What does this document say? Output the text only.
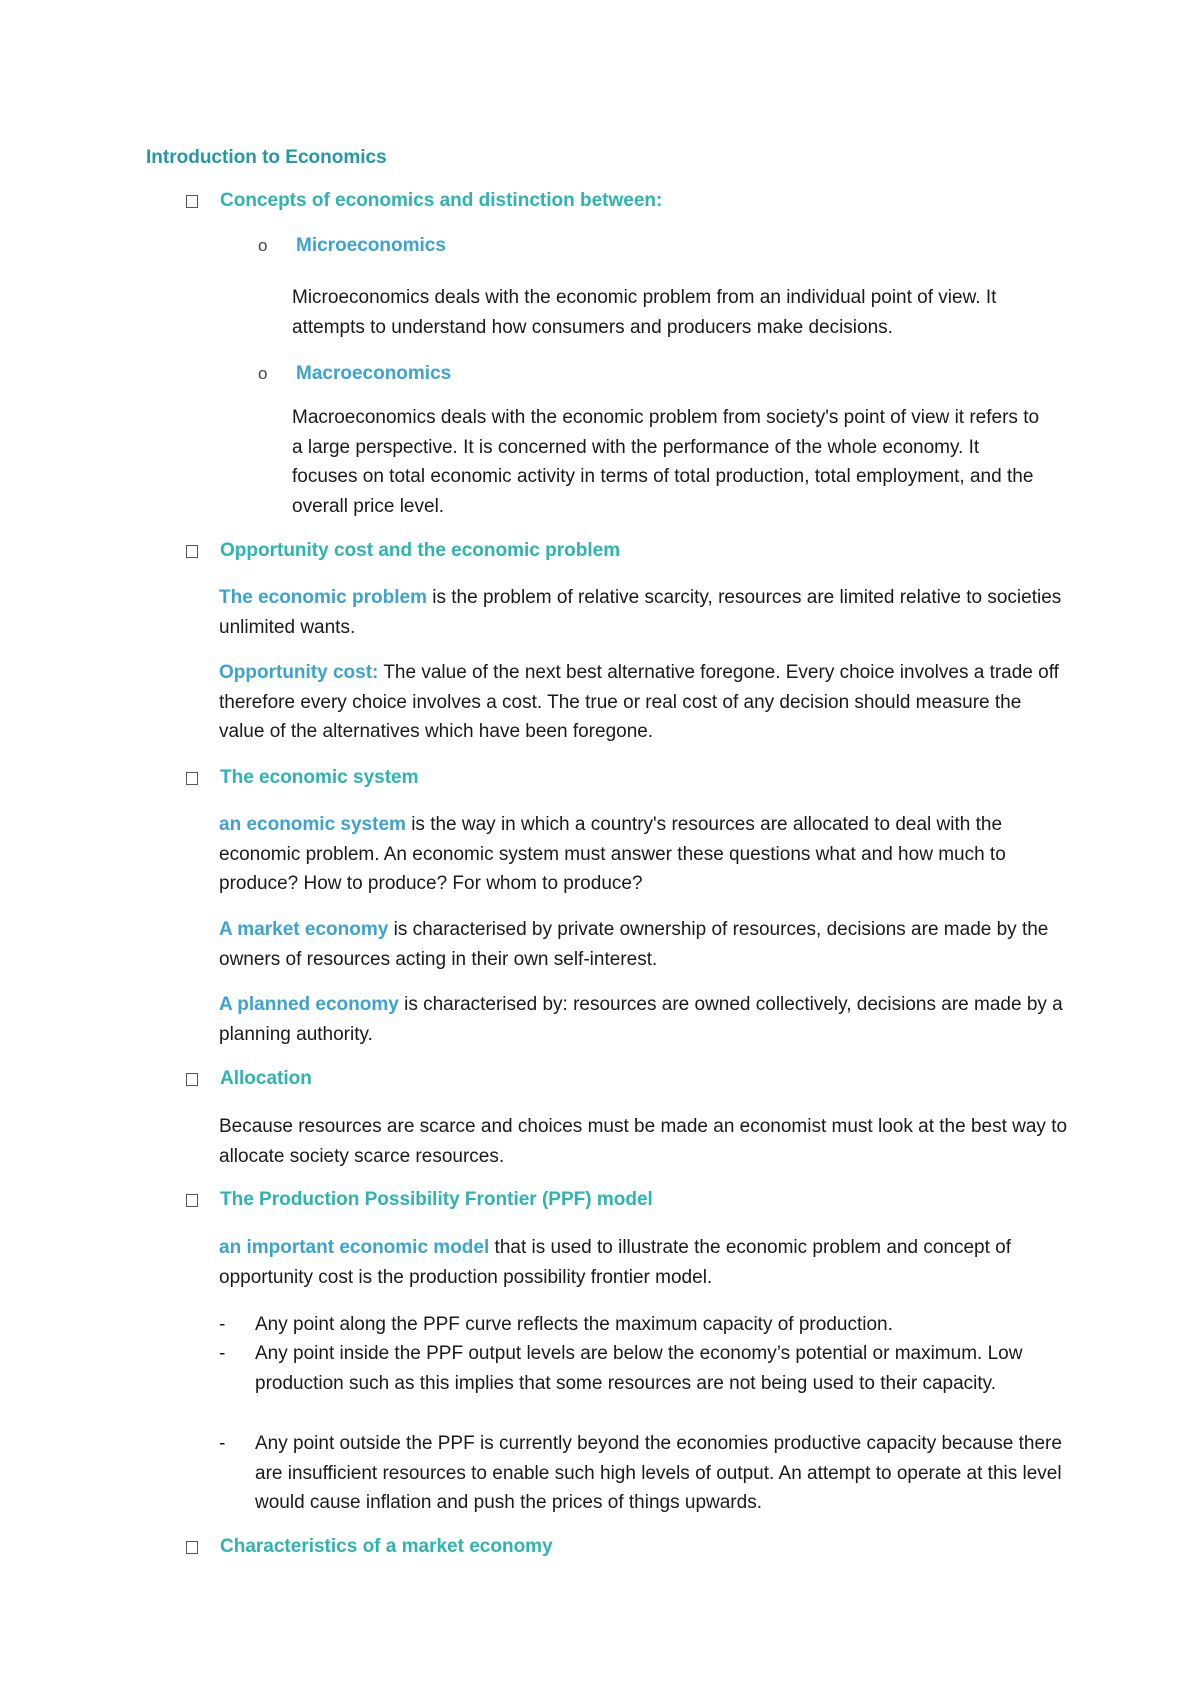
Introduction to Economics
Concepts of economics and distinction between:
o	Microeconomics
Microeconomics deals with the economic problem from an individual point of view. It attempts to understand how consumers and producers make decisions.
o	Macroeconomics
Macroeconomics deals with the economic problem from society's point of view it refers to a large perspective. It is concerned with the performance of the whole economy. It focuses on total economic activity in terms of total production, total employment, and the overall price level.
Opportunity cost and the economic problem
The economic problem is the problem of relative scarcity, resources are limited relative to societies unlimited wants.
Opportunity cost: The value of the next best alternative foregone. Every choice involves a trade off therefore every choice involves a cost. The true or real cost of any decision should measure the value of the alternatives which have been foregone.
The economic system
an economic system is the way in which a country's resources are allocated to deal with the economic problem. An economic system must answer these questions what and how much to produce? How to produce? For whom to produce?
A market economy is characterised by private ownership of resources, decisions are made by the owners of resources acting in their own self-interest.
A planned economy is characterised by: resources are owned collectively, decisions are made by a planning authority.
Allocation
Because resources are scarce and choices must be made an economist must look at the best way to allocate society scarce resources.
The Production Possibility Frontier (PPF) model
an important economic model that is used to illustrate the economic problem and concept of opportunity cost is the production possibility frontier model.
- Any point along the PPF curve reflects the maximum capacity of production.
- Any point inside the PPF output levels are below the economy’s potential or maximum. Low production such as this implies that some resources are not being used to their capacity.
- Any point outside the PPF is currently beyond the economies productive capacity because there are insufficient resources to enable such high levels of output. An attempt to operate at this level would cause inflation and push the prices of things upwards.
Characteristics of a market economy
